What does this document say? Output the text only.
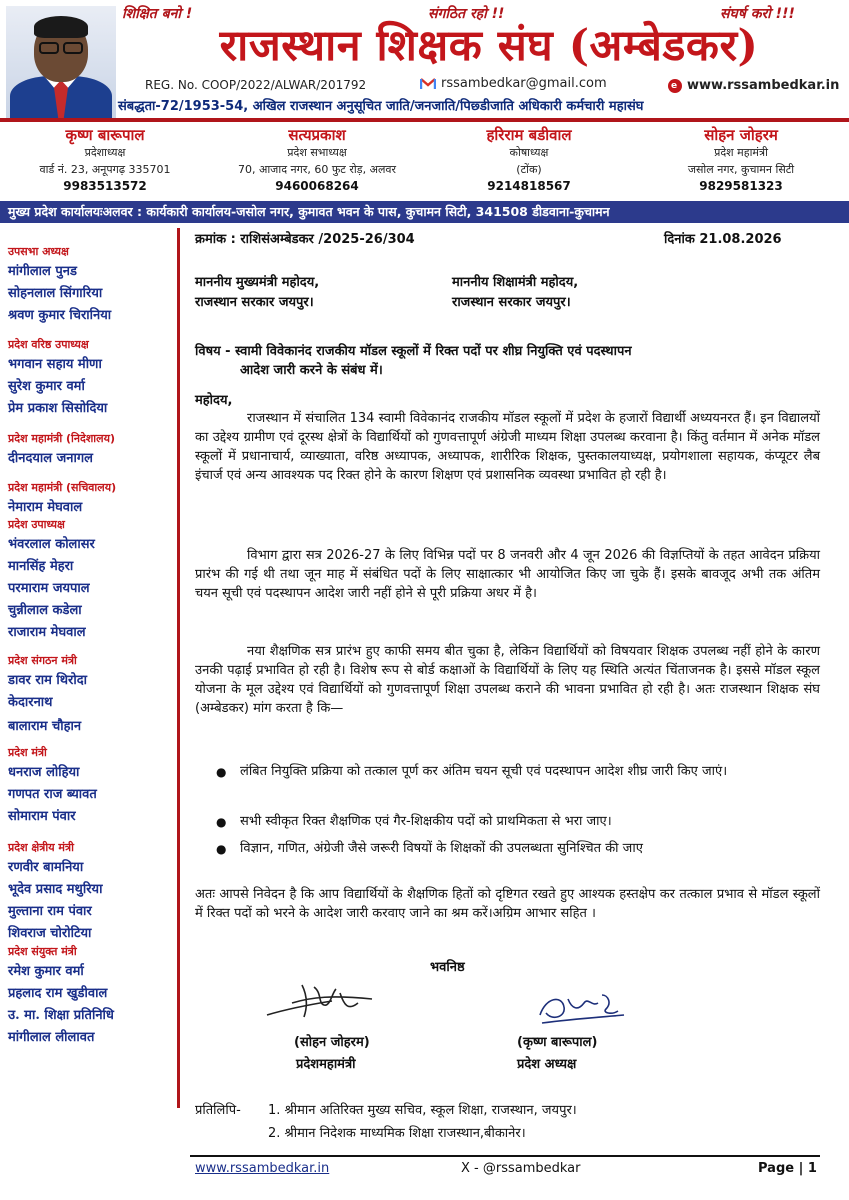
शिक्षित बनो !	संगठित रहो !!	संघर्ष करो !!!
राजस्थान शिक्षक संघ (अम्बेडकर)
REG. No. COOP/2022/ALWAR/201792	rssambedkar@gmail.com	e www.rssambedkar.in
संबद्धता-72/1953-54, अखिल राजस्थान अनुसूचित जाति/जनजाति/पिछ्डीजाति अधिकारी कर्मचारी महासंघ
कृष्ण बारूपाल
प्रदेशाध्यक्ष
वार्ड नं. 23, अनूपगढ़ 335701
9983513572
सत्यप्रकाश
प्रदेश सभाध्यक्ष
70, आजाद नगर, 60 फुट रोड़, अलवर
9460068264
हरिराम बडीवाल
कोषाध्यक्ष
(टोंक)
9214818567
सोहन जोहरम
प्रदेश महामंत्री
जसोल नगर, कुचामन सिटी
9829581323
मुख्य प्रदेश कार्यालयःअलवर : कार्यकारी कार्यालय-जसोल नगर, कुमावत भवन के पास, कुचामन सिटी, 341508 डीडवाना-कुचामन
उपसभा अध्यक्ष
मांगीलाल पुनड
सोहनलाल सिंगारिया
श्रवण कुमार चिरानिया
प्रदेश वरिष्ठ उपाध्यक्ष
भगवान सहाय मीणा
सुरेश कुमार वर्मा
प्रेम प्रकाश सिसोदिया
प्रदेश महामंत्री (निदेशालय)
दीनदयाल जनागल
प्रदेश महामंत्री (सचिवालय)
नेमाराम मेघवाल
प्रदेश उपाध्यक्ष
भंवरलाल कोलासर
मानसिंह मेहरा
परमाराम जयपाल
चुन्नीलाल कडेला
राजाराम मेघवाल
प्रदेश संगठन मंत्री
डावर राम थिरोदा
केदारनाथ
बालाराम चौहान
प्रदेश मंत्री
धनराज लोहिया
गणपत राज ब्यावत
सोमाराम पंवार
प्रदेश क्षेत्रीय मंत्री
रणवीर बामनिया
भूदेव प्रसाद मथुरिया
मुल्ताना राम पंवार
शिवराज चोरोटिया
प्रदेश संयुक्त मंत्री
रमेश कुमार वर्मा
प्रहलाद राम खुडीवाल
उ. मा. शिक्षा प्रतिनिधि
मांगीलाल लीलावत
क्रमांक : राशिसंअम्बेडकर /2025-26/304	दिनांक 21.08.2026
माननीय मुख्यमंत्री महोदय,
राजस्थान सरकार जयपुर।
माननीय शिक्षामंत्री महोदय,
राजस्थान सरकार जयपुर।
विषय - स्वामी विवेकानंद राजकीय मॉडल स्कूलों में रिक्त पदों पर शीघ्र नियुक्ति एवं पदस्थापन
आदेश जारी करने के संबंध में।
महोदय,
राजस्थान में संचालित 134 स्वामी विवेकानंद राजकीय मॉडल स्कूलों में प्रदेश के हजारों विद्यार्थी अध्ययनरत हैं। इन विद्यालयों का उद्देश्य ग्रामीण एवं दूरस्थ क्षेत्रों के विद्यार्थियों को गुणवत्तापूर्ण अंग्रेजी माध्यम शिक्षा उपलब्ध करवाना है। किंतु वर्तमान में अनेक मॉडल स्कूलों में प्रधानाचार्य, व्याख्याता, वरिष्ठ अध्यापक, अध्यापक, शारीरिक शिक्षक, पुस्तकालयाध्यक्ष, प्रयोगशाला सहायक, कंप्यूटर लैब इंचार्ज एवं अन्य आवश्यक पद रिक्त होने के कारण शिक्षण एवं प्रशासनिक व्यवस्था प्रभावित हो रही है।
विभाग द्वारा सत्र 2026-27 के लिए विभिन्न पदों पर 8 जनवरी और 4 जून 2026 की विज्ञप्तियों के तहत आवेदन प्रक्रिया प्रारंभ की गई थी तथा जून माह में संबंधित पदों के लिए साक्षात्कार भी आयोजित किए जा चुके हैं। इसके बावजूद अभी तक अंतिम चयन सूची एवं पदस्थापन आदेश जारी नहीं होने से पूरी प्रक्रिया अधर में है।
नया शैक्षणिक सत्र प्रारंभ हुए काफी समय बीत चुका है, लेकिन विद्यार्थियों को विषयवार शिक्षक उपलब्ध नहीं होने के कारण उनकी पढ़ाई प्रभावित हो रही है। विशेष रूप से बोर्ड कक्षाओं के विद्यार्थियों के लिए यह स्थिति अत्यंत चिंताजनक है। इससे मॉडल स्कूल योजना के मूल उद्देश्य एवं विद्यार्थियों को गुणवत्तापूर्ण शिक्षा उपलब्ध कराने की भावना प्रभावित हो रही है। अतः राजस्थान शिक्षक संघ (अम्बेडकर) मांग करता है कि—
●	लंबित नियुक्ति प्रक्रिया को तत्काल पूर्ण कर अंतिम चयन सूची एवं पदस्थापन आदेश शीघ्र जारी किए जाएं।
●	सभी स्वीकृत रिक्त शैक्षणिक एवं गैर-शिक्षकीय पदों को प्राथमिकता से भरा जाए।
●	विज्ञान, गणित, अंग्रेजी जैसे जरूरी विषयों के शिक्षकों की उपलब्धता सुनिश्चित की जाए
अतः आपसे निवेदन है कि आप विद्यार्थियों के शैक्षणिक हितों को दृष्टिगत रखते हुए आश्यक हस्तक्षेप कर तत्काल प्रभाव से मॉडल स्कूलों में रिक्त पदों को भरने के आदेश जारी करवाए जाने का श्रम करें।अग्रिम आभार सहित ।
भवनिष्ठ
(सोहन जोहरम)
प्रदेशमहामंत्री
(कृष्ण बारूपाल)
प्रदेश अध्यक्ष
प्रतिलिपि- 1. श्रीमान अतिरिक्त मुख्य सचिव, स्कूल शिक्षा, राजस्थान, जयपुर।
2. श्रीमान निदेशक माध्यमिक शिक्षा राजस्थान,बीकानेर।
www.rssambedkar.in	X - @rssambedkar	Page | 1
